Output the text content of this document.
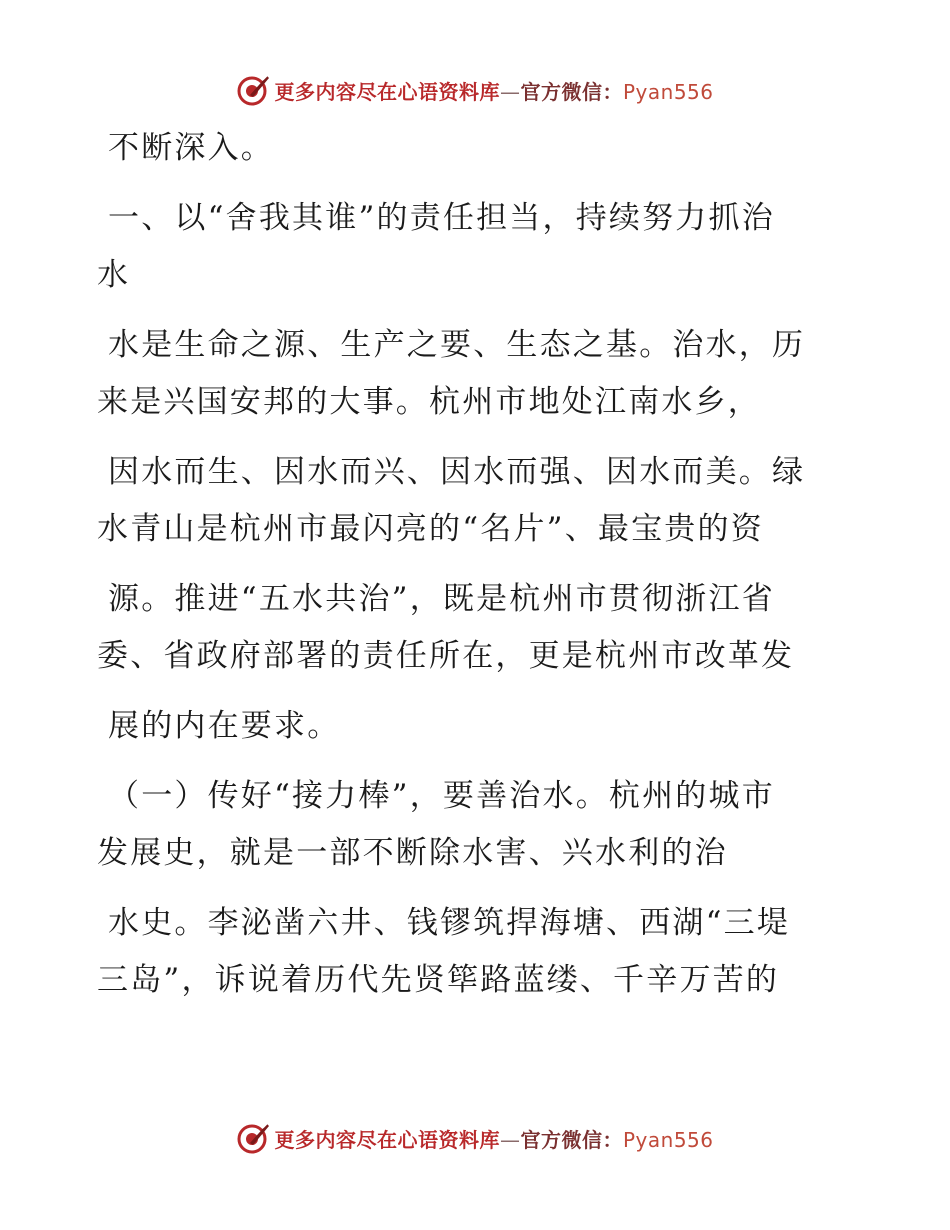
更多内容尽在心语资料库—官方微信：Pyan556

不断深入。

一、以“舍我其谁”的责任担当，持续努力抓治

水

水是生命之源、生产之要、生态之基。治水，历

来是兴国安邦的大事。杭州市地处江南水乡，

因水而生、因水而兴、因水而强、因水而美。绿

水青山是杭州市最闪亮的“名片”、最宝贵的资

源。推进“五水共治”，既是杭州市贯彻浙江省

委、省政府部署的责任所在，更是杭州市改革发

展的内在要求。

（一）传好“接力棒”，要善治水。杭州的城市

发展史，就是一部不断除水害、兴水利的治

水史。李泌凿六井、钱镠筑捍海塘、西湖“三堤

三岛”，诉说着历代先贤筚路蓝缕、千辛万苦的

更多内容尽在心语资料库—官方微信：Pyan556
